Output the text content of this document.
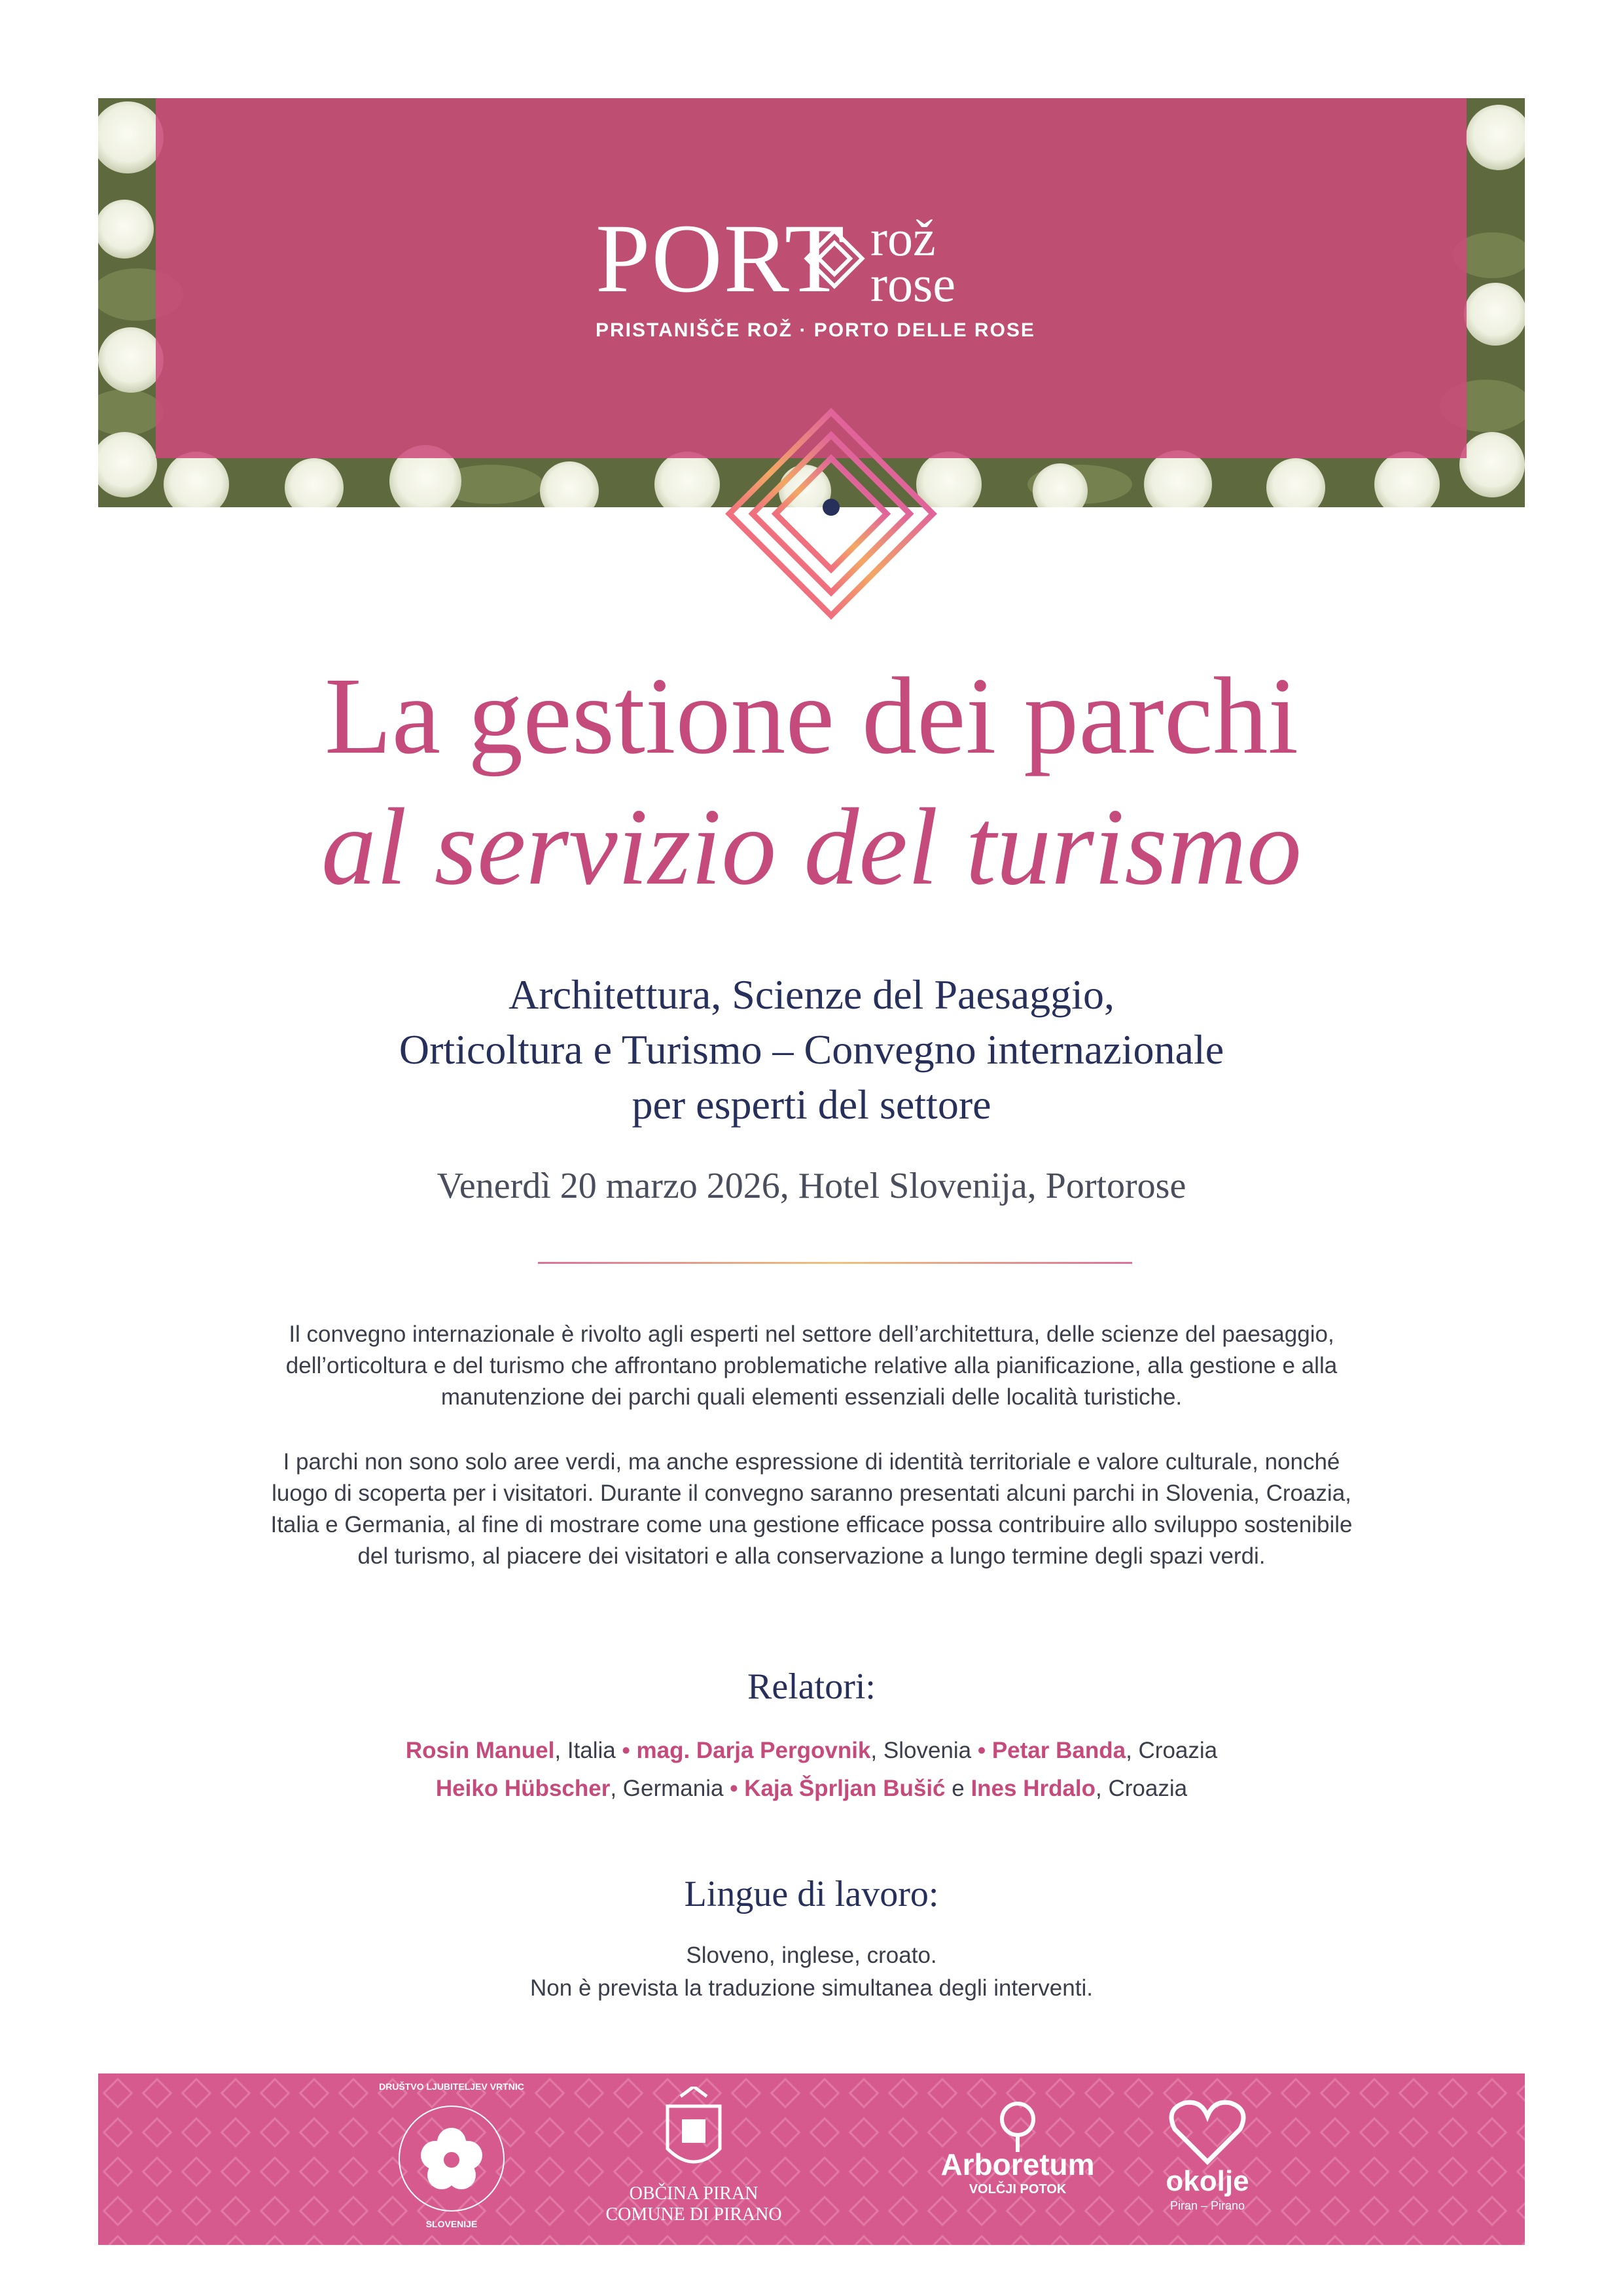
PORT rož
rose
PRISTANIŠČE ROŽ · PORTO DELLE ROSE
La gestione dei parchi
al servizio del turismo
Architettura, Scienze del Paesaggio,
Orticoltura e Turismo – Convegno internazionale
per esperti del settore
Venerdì 20 marzo 2026, Hotel Slovenija, Portorose
Il convegno internazionale è rivolto agli esperti nel settore dell’architettura, delle scienze del paesaggio,
dell’orticoltura e del turismo che affrontano problematiche relative alla pianificazione, alla gestione e alla
manutenzione dei parchi quali elementi essenziali delle località turistiche.
I parchi non sono solo aree verdi, ma anche espressione di identità territoriale e valore culturale, nonché
luogo di scoperta per i visitatori. Durante il convegno saranno presentati alcuni parchi in Slovenia, Croazia,
Italia e Germania, al fine di mostrare come una gestione efficace possa contribuire allo sviluppo sostenibile
del turismo, al piacere dei visitatori e alla conservazione a lungo termine degli spazi verdi.
Relatori:
Rosin Manuel, Italia • mag. Darja Pergovnik, Slovenia • Petar Banda, Croazia
Heiko Hübscher, Germania • Kaja Šprljan Bušić e Ines Hrdalo, Croazia
Lingue di lavoro:
Sloveno, inglese, croato.
Non è prevista la traduzione simultanea degli interventi.
DRUŠTVO LJUBITELJEV VRTNIC
SLOVENIJE
OBČINA PIRAN
COMUNE DI PIRANO
Arboretum
VOLČJI POTOK	okolje
Piran – Pirano
